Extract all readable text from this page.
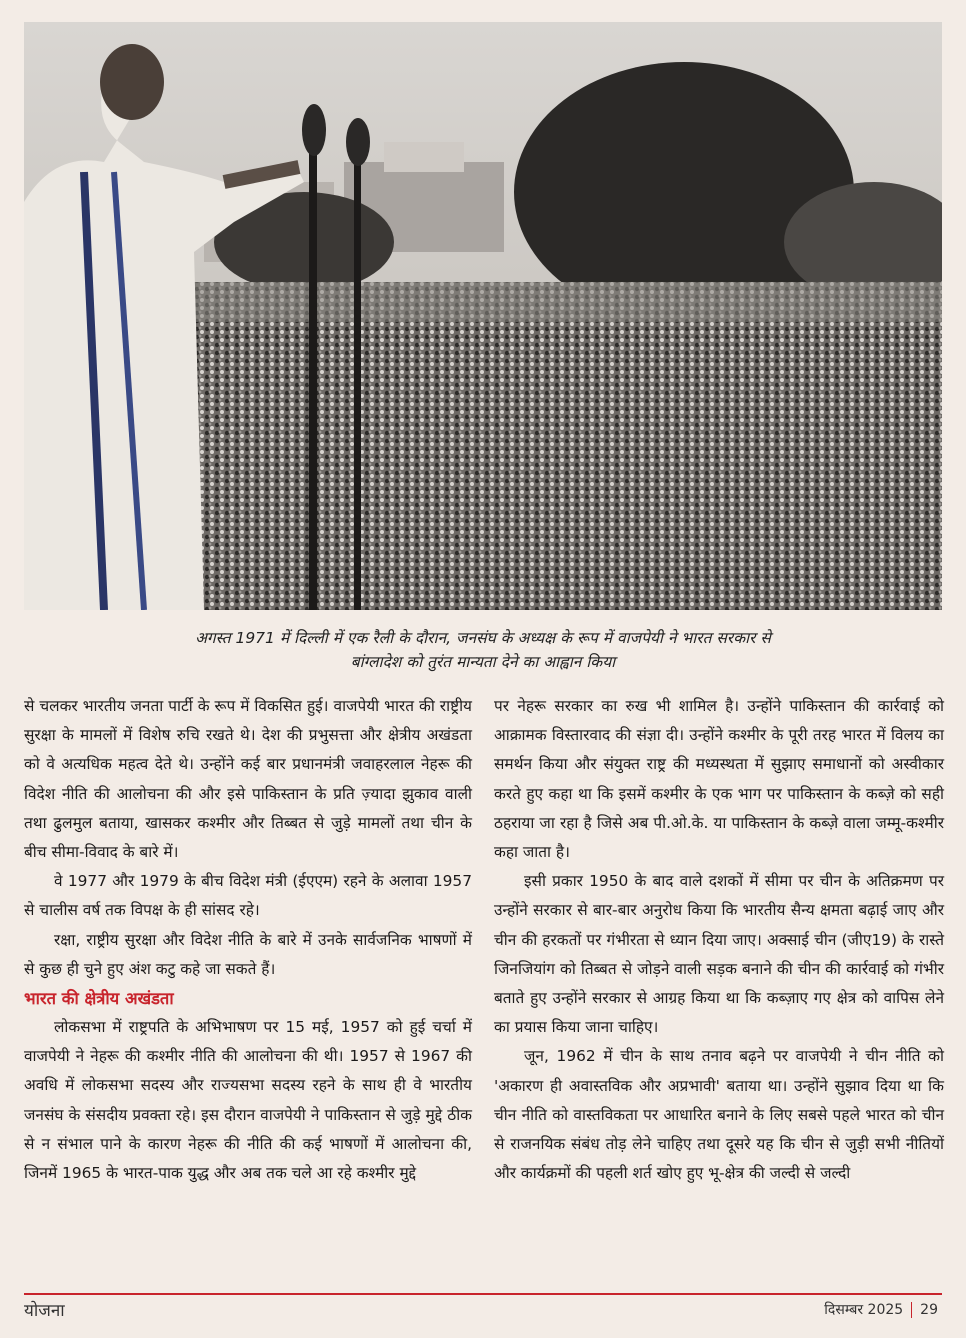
अगस्त 1971 में दिल्ली में एक रैली के दौरान, जनसंघ के अध्यक्ष के रूप में वाजपेयी ने भारत सरकार से
बांग्लादेश को तुरंत मान्यता देने का आह्वान किया

से चलकर भारतीय जनता पार्टी के रूप में विकसित हुई। वाजपेयी भारत की राष्ट्रीय सुरक्षा के मामलों में विशेष रुचि रखते थे। देश की प्रभुसत्ता और क्षेत्रीय अखंडता को वे अत्यधिक महत्व देते थे। उन्होंने कई बार प्रधानमंत्री जवाहरलाल नेहरू की विदेश नीति की आलोचना की और इसे पाकिस्तान के प्रति ज़्यादा झुकाव वाली तथा ढुलमुल बताया, खासकर कश्मीर और तिब्बत से जुड़े मामलों तथा चीन के बीच सीमा-विवाद के बारे में।

वे 1977 और 1979 के बीच विदेश मंत्री (ईएएम) रहने के अलावा 1957 से चालीस वर्ष तक विपक्ष के ही सांसद रहे।

रक्षा, राष्ट्रीय सुरक्षा और विदेश नीति के बारे में उनके सार्वजनिक भाषणों में से कुछ ही चुने हुए अंश कटु कहे जा सकते हैं।

भारत की क्षेत्रीय अखंडता

लोकसभा में राष्ट्रपति के अभिभाषण पर 15 मई, 1957 को हुई चर्चा में वाजपेयी ने नेहरू की कश्मीर नीति की आलोचना की थी। 1957 से 1967 की अवधि में लोकसभा सदस्य और राज्यसभा सदस्य रहने के साथ ही वे भारतीय जनसंघ के संसदीय प्रवक्ता रहे। इस दौरान वाजपेयी ने पाकिस्तान से जुड़े मुद्दे ठीक से न संभाल पाने के कारण नेहरू की नीति की कई भाषणों में आलोचना की, जिनमें 1965 के भारत-पाक युद्ध और अब तक चले आ रहे कश्मीर मुद्दे

पर नेहरू सरकार का रुख भी शामिल है। उन्होंने पाकिस्तान की कार्रवाई को आक्रामक विस्तारवाद की संज्ञा दी। उन्होंने कश्मीर के पूरी तरह भारत में विलय का समर्थन किया और संयुक्त राष्ट्र की मध्यस्थता में सुझाए समाधानों को अस्वीकार करते हुए कहा था कि इसमें कश्मीर के एक भाग पर पाकिस्तान के कब्ज़े को सही ठहराया जा रहा है जिसे अब पी.ओ.के. या पाकिस्तान के कब्ज़े वाला जम्मू-कश्मीर कहा जाता है।

इसी प्रकार 1950 के बाद वाले दशकों में सीमा पर चीन के अतिक्रमण पर उन्होंने सरकार से बार-बार अनुरोध किया कि भारतीय सैन्य क्षमता बढ़ाई जाए और चीन की हरकतों पर गंभीरता से ध्यान दिया जाए। अक्साई चीन (जीए19) के रास्ते जिनजियांग को तिब्बत से जोड़ने वाली सड़क बनाने की चीन की कार्रवाई को गंभीर बताते हुए उन्होंने सरकार से आग्रह किया था कि कब्ज़ाए गए क्षेत्र को वापिस लेने का प्रयास किया जाना चाहिए।

जून, 1962 में चीन के साथ तनाव बढ़ने पर वाजपेयी ने चीन नीति को 'अकारण ही अवास्तविक और अप्रभावी' बताया था। उन्होंने सुझाव दिया था कि चीन नीति को वास्तविकता पर आधारित बनाने के लिए सबसे पहले भारत को चीन से राजनयिक संबंध तोड़ लेने चाहिए तथा दूसरे यह कि चीन से जुड़ी सभी नीतियों और कार्यक्रमों की पहली शर्त खोए हुए भू-क्षेत्र की जल्दी से जल्दी

योजना	दिसम्बर 2025 29
